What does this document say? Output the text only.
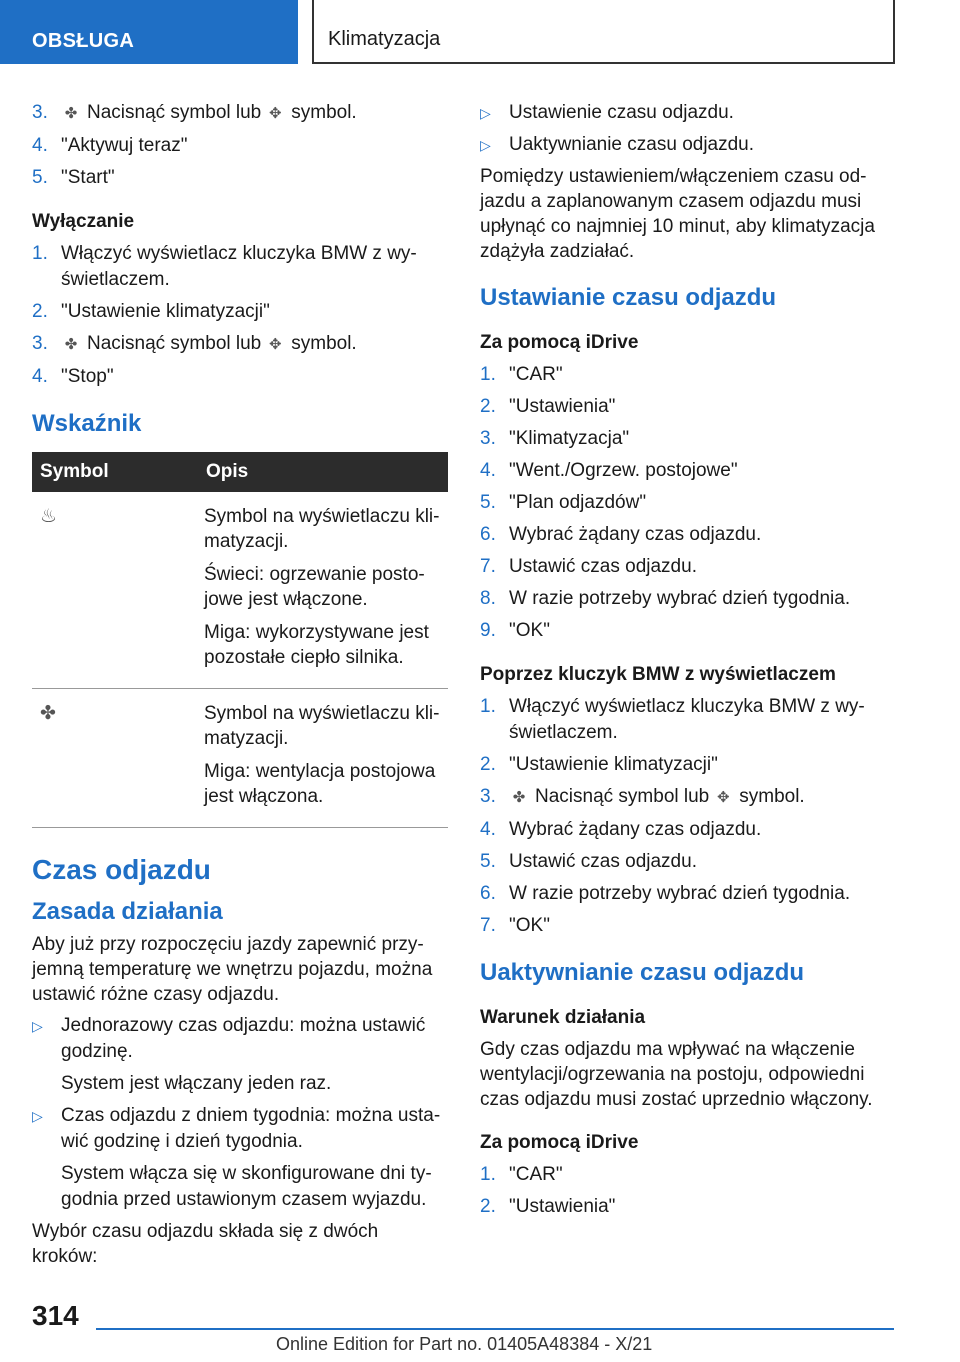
OBSŁUGA	Klimatyzacja
3.	✤ Nacisnąć symbol lub ✥ symbol.
4. "Aktywuj teraz"
5. "Start"
Wyłączanie
1. Włączyć wyświetlacz kluczyka BMW z wy‐świetlaczem.
2. "Ustawienie klimatyzacji"
3.	✤ Nacisnąć symbol lub ✥ symbol.
4. "Stop"
Wskaźnik
Symbol	Opis
♨	Symbol na wyświetlaczu kli‐matyzacji.

Świeci: ogrzewanie posto‐jowe jest włączone.

Miga: wykorzystywane jest pozostałe ciepło silnika.

✤	Symbol na wyświetlaczu kli‐matyzacji.

Miga: wentylacja postojowa jest włączona.

Czas odjazdu
Zasada działania
Aby już przy rozpoczęciu jazdy zapewnić przy‐jemną temperaturę we wnętrzu pojazdu, można ustawić różne czasy odjazdu.
▷ Jednorazowy czas odjazdu: można ustawić godzinę.
System jest włączany jeden raz.
▷ Czas odjazdu z dniem tygodnia: można usta‐wić godzinę i dzień tygodnia.
System włącza się w skonfigurowane dni ty‐godnia przed ustawionym czasem wyjazdu.
Wybór czasu odjazdu składa się z dwóch kroków:
▷ Ustawienie czasu odjazdu.
▷ Uaktywnianie czasu odjazdu.
Pomiędzy ustawieniem/włączeniem czasu od‐jazdu a zaplanowanym czasem odjazdu musi upłynąć co najmniej 10 minut, aby klimatyzacja zdążyła zadziałać.
Ustawianie czasu odjazdu
Za pomocą iDrive
1. "CAR"
2. "Ustawienia"
3. "Klimatyzacja"
4. "Went./Ogrzew. postojowe"
5. "Plan odjazdów"
6. Wybrać żądany czas odjazdu.
7. Ustawić czas odjazdu.
8. W razie potrzeby wybrać dzień tygodnia.
9. "OK"
Poprzez kluczyk BMW z wyświetlaczem
1. Włączyć wyświetlacz kluczyka BMW z wy‐świetlaczem.
2. "Ustawienie klimatyzacji"
3.	✤ Nacisnąć symbol lub ✥ symbol.
4. Wybrać żądany czas odjazdu.
5. Ustawić czas odjazdu.
6. W razie potrzeby wybrać dzień tygodnia.
7. "OK"
Uaktywnianie czasu odjazdu
Warunek działania
Gdy czas odjazdu ma wpływać na włączenie wentylacji/ogrzewania na postoju, odpowiedni czas odjazdu musi zostać uprzednio włączony.
Za pomocą iDrive
1. "CAR"
2. "Ustawienia"
314
Online Edition for Part no. 01405A48384 - X/21
